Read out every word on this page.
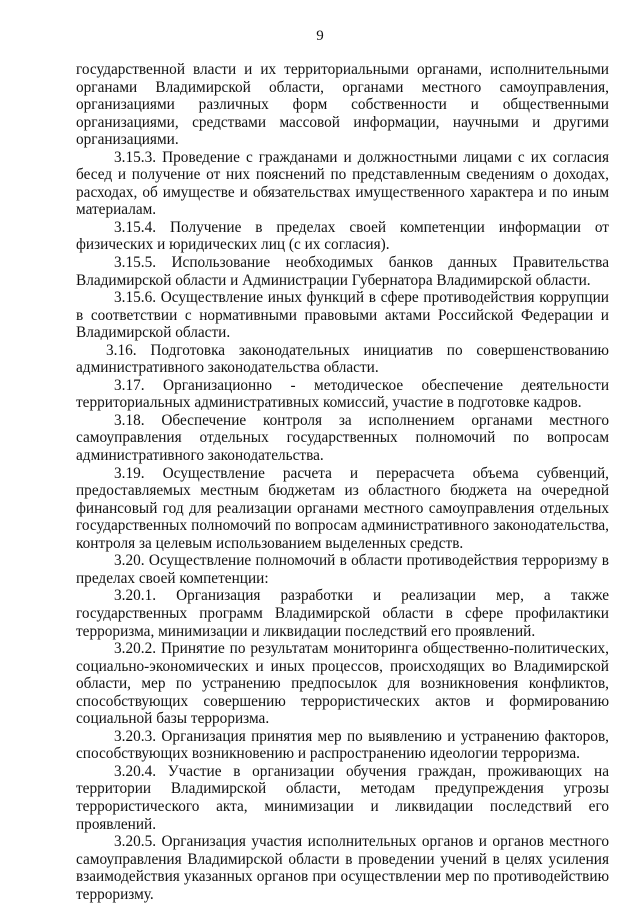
9

государственной власти и их территориальными органами, исполнительными органами Владимирской области, органами местного самоуправления, организациями различных форм собственности и общественными организациями, средствами массовой информации, научными и другими организациями.

3.15.3. Проведение с гражданами и должностными лицами с их согласия бесед и получение от них пояснений по представленным сведениям о доходах, расходах, об имуществе и обязательствах имущественного характера и по иным материалам.

3.15.4. Получение в пределах своей компетенции информации от физических и юридических лиц (с их согласия).

3.15.5. Использование необходимых банков данных Правительства Владимирской области и Администрации Губернатора Владимирской области.

3.15.6. Осуществление иных функций в сфере противодействия коррупции в соответствии с нормативными правовыми актами Российской Федерации и Владимирской области.

3.16. Подготовка законодательных инициатив по совершенствованию административного законодательства области.

3.17. Организационно - методическое обеспечение деятельности территориальных административных комиссий, участие в подготовке кадров.

3.18. Обеспечение контроля за исполнением органами местного самоуправления отдельных государственных полномочий по вопросам административного законодательства.

3.19. Осуществление расчета и перерасчета объема субвенций, предоставляемых местным бюджетам из областного бюджета на очередной финансовый год для реализации органами местного самоуправления отдельных государственных полномочий по вопросам административного законодательства, контроля за целевым использованием выделенных средств.

3.20. Осуществление полномочий в области противодействия терроризму в пределах своей компетенции:

3.20.1. Организация разработки и реализации мер, а также государственных программ Владимирской области в сфере профилактики терроризма, минимизации и ликвидации последствий его проявлений.

3.20.2. Принятие по результатам мониторинга общественно-политических, социально-экономических и иных процессов, происходящих во Владимирской области, мер по устранению предпосылок для возникновения конфликтов, способствующих совершению террористических актов и формированию социальной базы терроризма.

3.20.3. Организация принятия мер по выявлению и устранению факторов, способствующих возникновению и распространению идеологии терроризма.

3.20.4. Участие в организации обучения граждан, проживающих на территории Владимирской области, методам предупреждения угрозы террористического акта, минимизации и ликвидации последствий его проявлений.

3.20.5. Организация участия исполнительных органов и органов местного самоуправления Владимирской области в проведении учений в целях усиления взаимодействия указанных органов при осуществлении мер по противодействию терроризму.
